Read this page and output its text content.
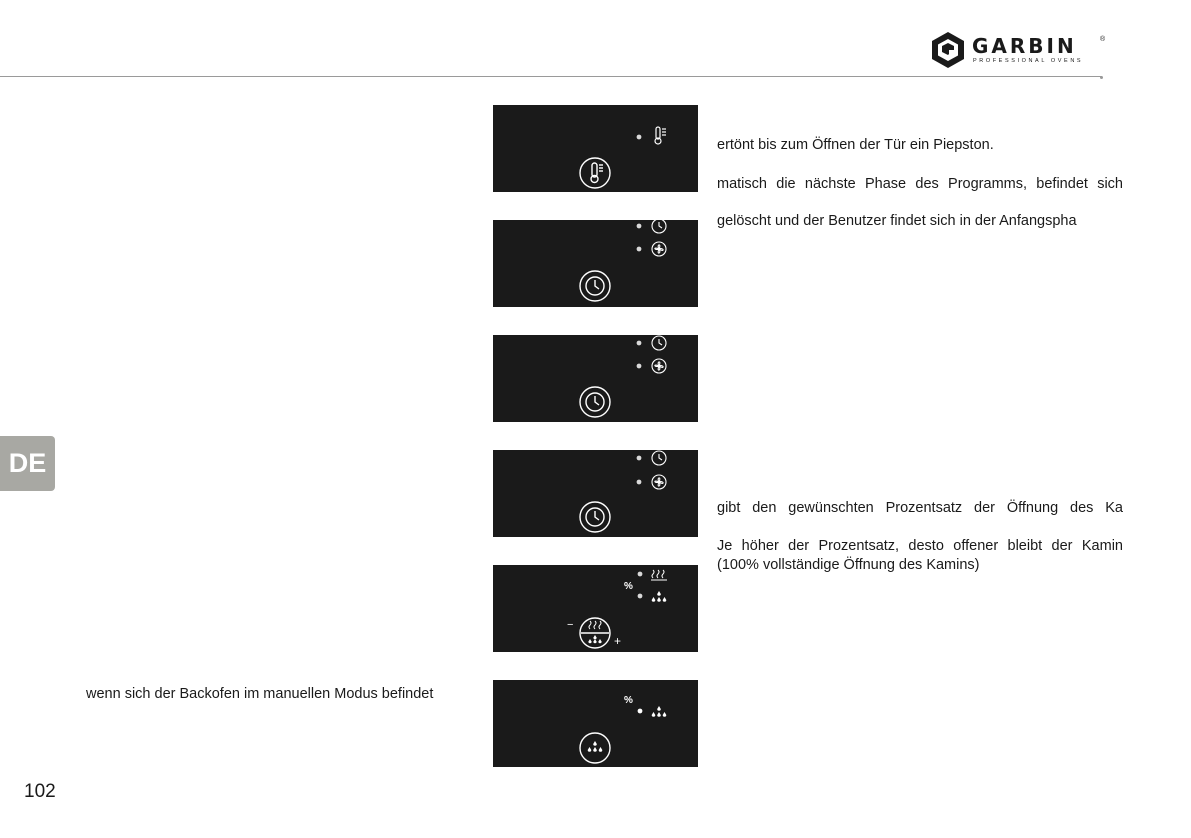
GARBIN	®
PROFESSIONAL OVENS
DE
102
%
−
+
%
ertönt bis zum Öffnen der Tür ein Piepston.
matisch die nächste Phase des Programms, befindet sich
gelöscht und der Benutzer findet sich in der Anfangspha
gibt den gewünschten Prozentsatz der Öffnung des Ka
Je höher der Prozentsatz, desto offener bleibt der Kamin
(100% vollständige Öffnung des Kamins)
wenn sich der Backofen im manuellen Modus befindet
